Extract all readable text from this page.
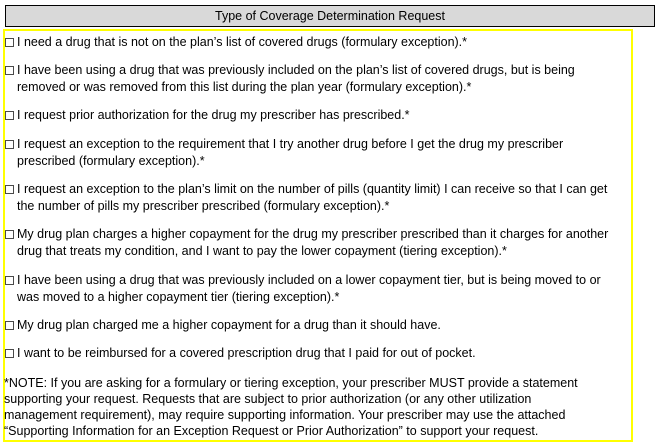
Type of Coverage Determination Request
I need a drug that is not on the plan’s list of covered drugs (formulary exception).*
I have been using a drug that was previously included on the plan’s list of covered drugs, but is being
removed or was removed from this list during the plan year (formulary exception).*
I request prior authorization for the drug my prescriber has prescribed.*
I request an exception to the requirement that I try another drug before I get the drug my prescriber
prescribed (formulary exception).*
I request an exception to the plan’s limit on the number of pills (quantity limit) I can receive so that I can get
the number of pills my prescriber prescribed (formulary exception).*
My drug plan charges a higher copayment for the drug my prescriber prescribed than it charges for another
drug that treats my condition, and I want to pay the lower copayment (tiering exception).*
I have been using a drug that was previously included on a lower copayment tier, but is being moved to or
was moved to a higher copayment tier (tiering exception).*
My drug plan charged me a higher copayment for a drug than it should have.
I want to be reimbursed for a covered prescription drug that I paid for out of pocket.
*NOTE: If you are asking for a formulary or tiering exception, your prescriber MUST provide a statement
supporting your request. Requests that are subject to prior authorization (or any other utilization
management requirement), may require supporting information. Your prescriber may use the attached
“Supporting Information for an Exception Request or Prior Authorization” to support your request.
